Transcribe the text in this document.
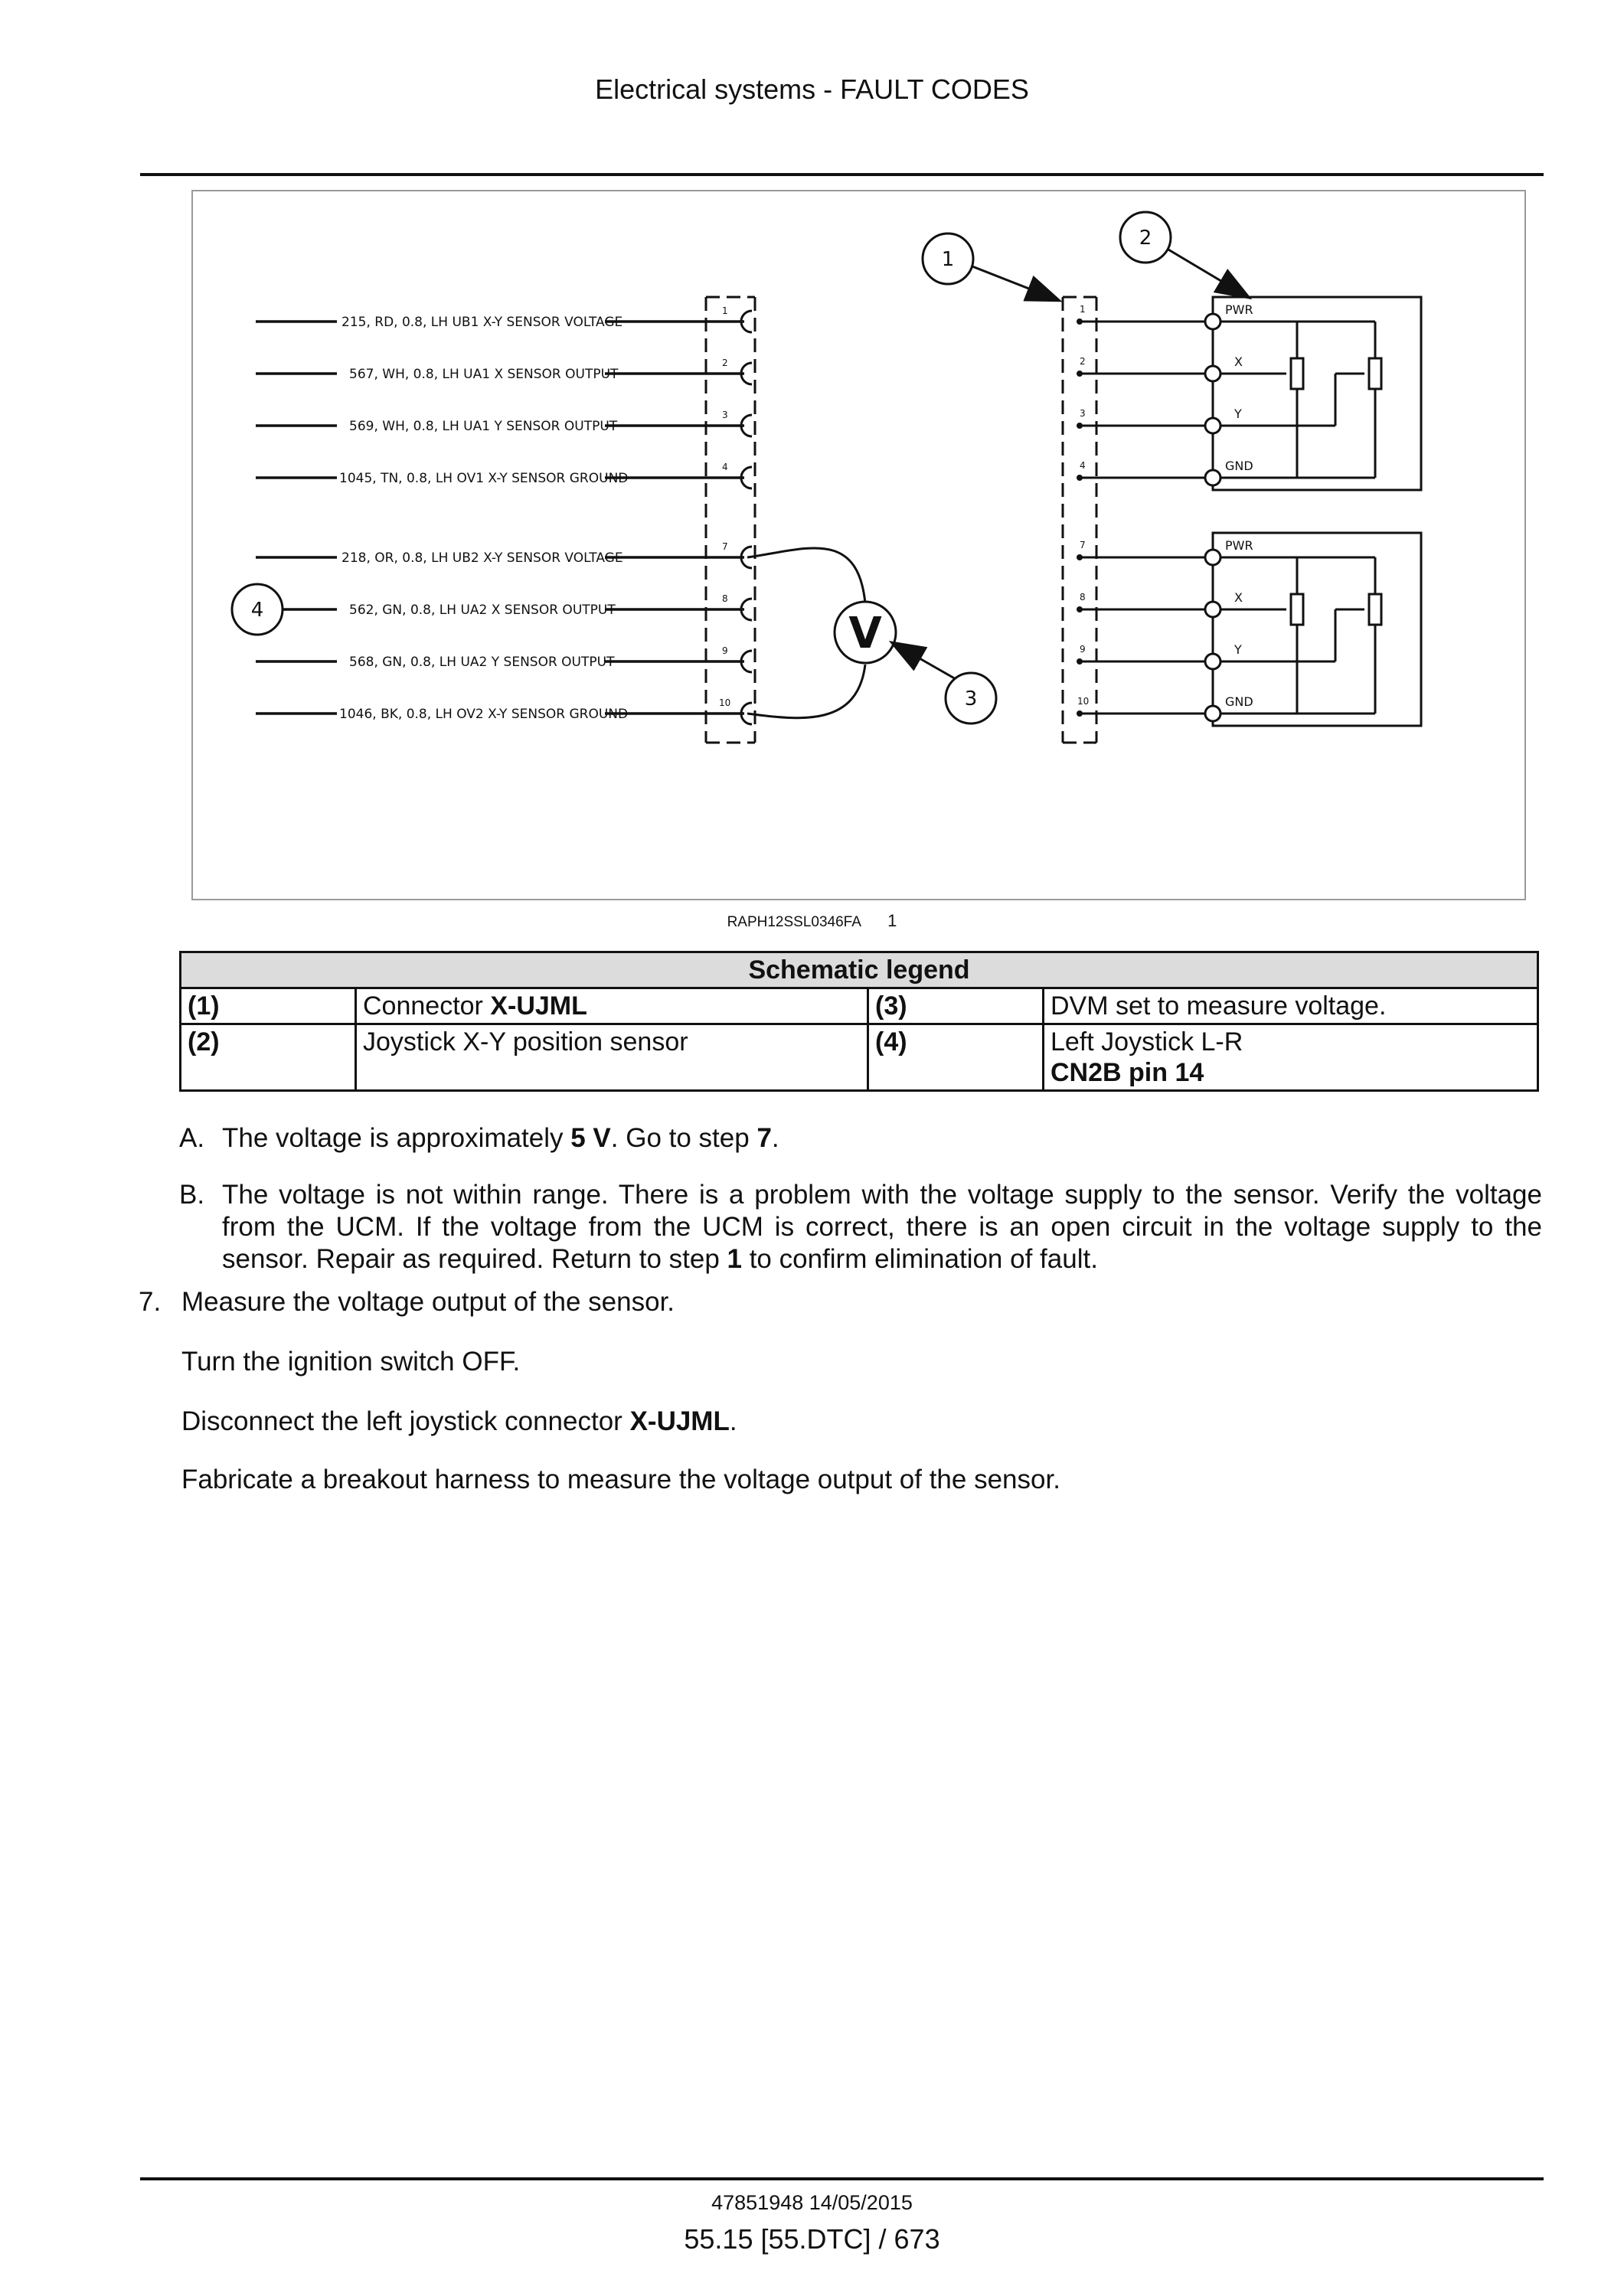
Electrical systems - FAULT CODES
215, RD, 0.8, LH UB1 X-Y SENSOR VOLTAGE
567, WH, 0.8, LH UA1 X SENSOR OUTPUT
569, WH, 0.8, LH UA1 Y SENSOR OUTPUT
1045, TN, 0.8, LH OV1 X-Y SENSOR GROUND
218, OR, 0.8, LH UB2 X-Y SENSOR VOLTAGE
562, GN, 0.8, LH UA2 X SENSOR OUTPUT
568, GN, 0.8, LH UA2 Y SENSOR OUTPUT
1046, BK, 0.8, LH OV2 X-Y SENSOR GROUND
1
2
3
4
7
8
9
10
V
1
2
3
4
7
8
9
10
PWR
X
Y
GND
PWR
X
Y
GND
1
2
3
4
RAPH12SSL0346FA 1
Schematic legend			
(1)	Connector X-UJML	(3)	DVM set to measure voltage.
(2)	Joystick X-Y position sensor	(4)	Left Joystick L-R
CN2B pin 14
A. The voltage is approximately 5 V. Go to step 7.
B. The voltage is not within range. There is a problem with the voltage supply to the sensor. Verify the voltage from the UCM. If the voltage from the UCM is correct, there is an open circuit in the voltage supply to the sensor. Repair as required. Return to step 1 to confirm elimination of fault.
7. Measure the voltage output of the sensor.
Turn the ignition switch OFF.
Disconnect the left joystick connector X-UJML.
Fabricate a breakout harness to measure the voltage output of the sensor.
47851948 14/05/2015
55.15 [55.DTC] / 673
